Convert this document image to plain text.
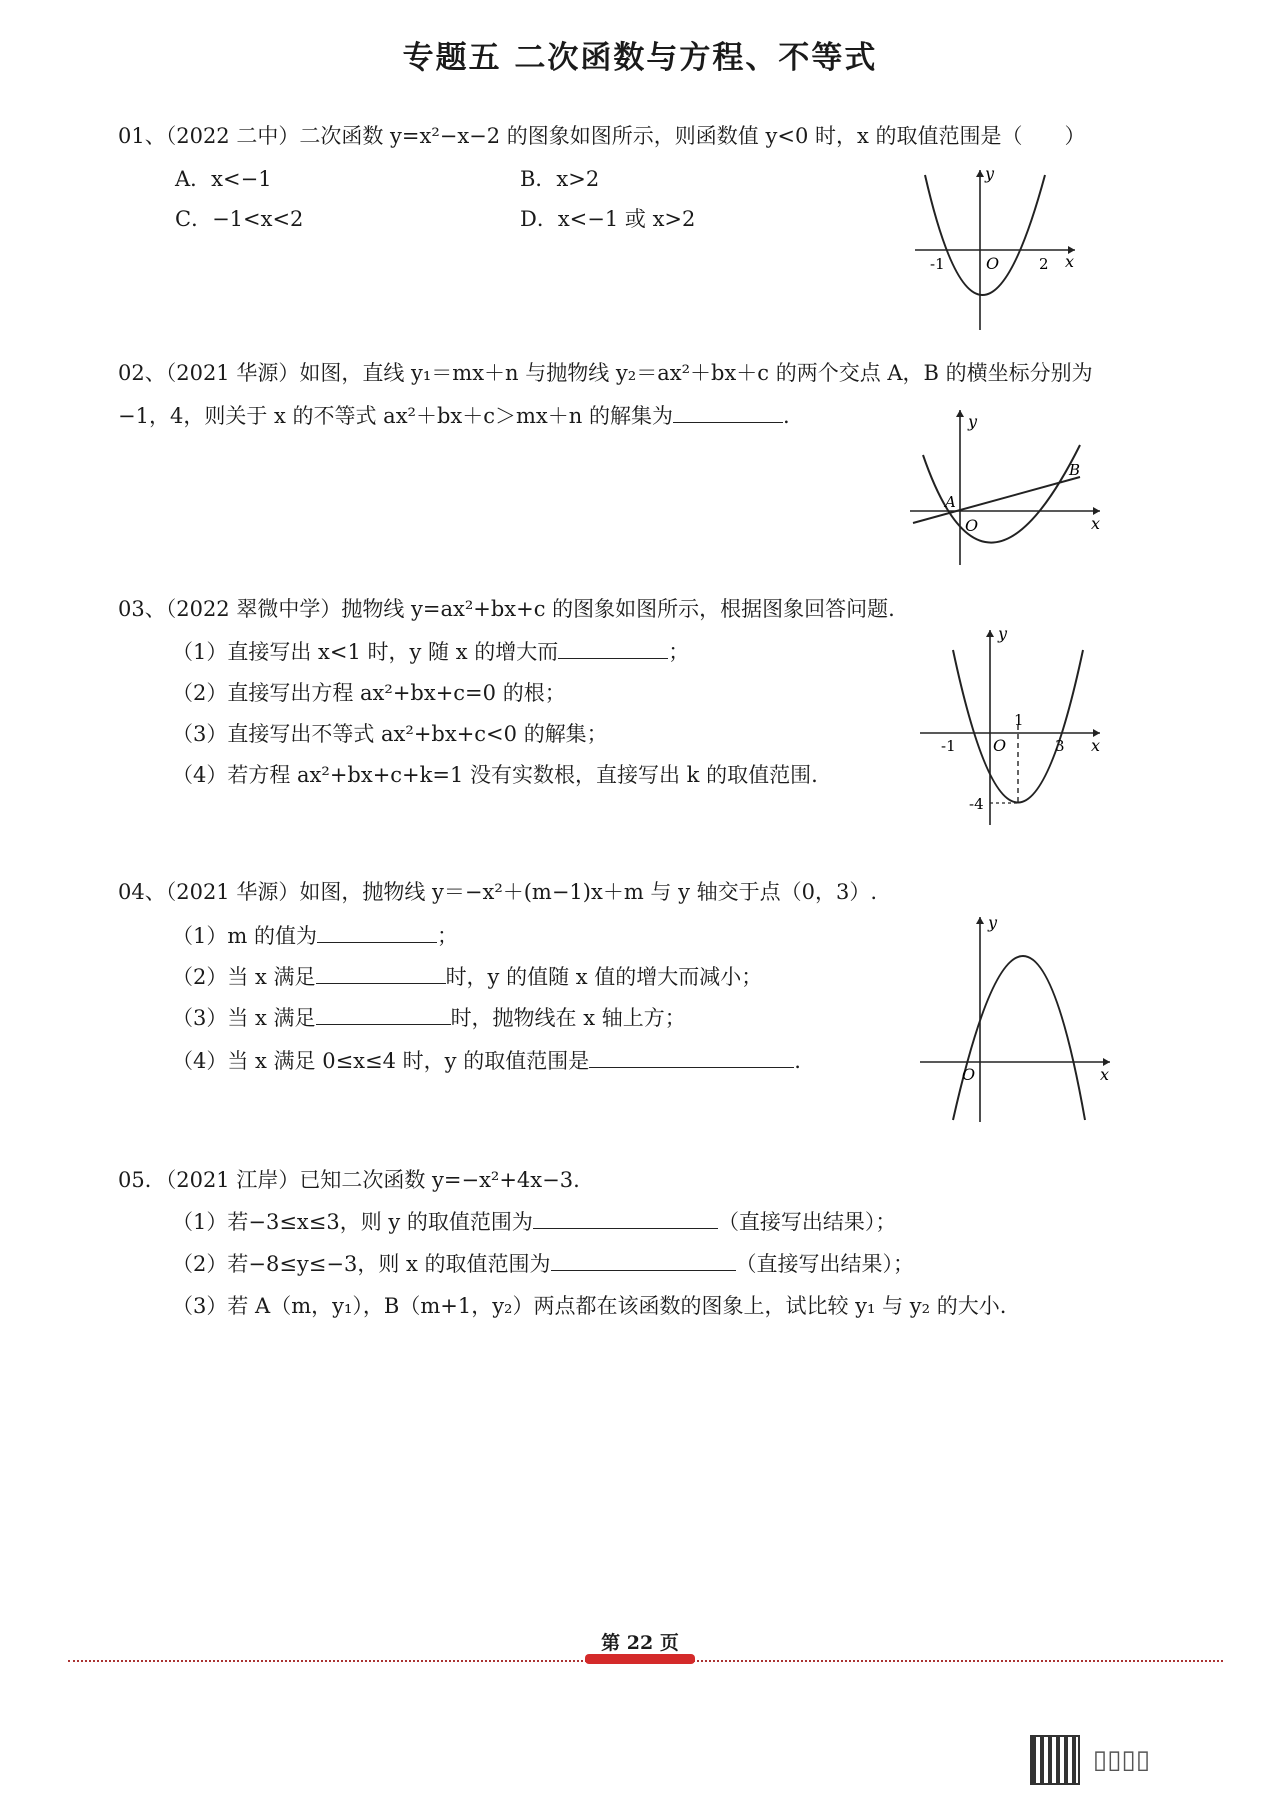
专题五 二次函数与方程、不等式
01、（2022 二中）二次函数 y=x²−x−2 的图象如图所示，则函数值 y<0 时，x 的取值范围是（　　）
A．x<−1	B．x>2
C．−1<x<2	D．x<−1 或 x>2
y
x
O
-1	2
02、（2021 华源）如图，直线 y₁＝mx＋n 与抛物线 y₂＝ax²＋bx＋c 的两个交点 A，B 的横坐标分别为
−1，4，则关于 x 的不等式 ax²＋bx＋c＞mx＋n 的解集为	.	y
x
O
A
B
03、（2022 翠微中学）抛物线 y=ax²+bx+c 的图象如图所示，根据图象回答问题.
（1）直接写出 x<1 时，y 随 x 的增大而	；
（2）直接写出方程 ax²+bx+c=0 的根；
（3）直接写出不等式 ax²+bx+c<0 的解集；
（4）若方程 ax²+bx+c+k=1 没有实数根，直接写出 k 的取值范围.
y
x
O
-1
1
3
-4
04、（2021 华源）如图，抛物线 y＝−x²＋(m−1)x＋m 与 y 轴交于点（0，3）.
（1）m 的值为	；
（2）当 x 满足	时，y 的值随 x 值的增大而减小；
（3）当 x 满足	时，抛物线在 x 轴上方；
（4）当 x 满足 0≤x≤4 时，y 的取值范围是	.
y
x
O
05．（2021 江岸）已知二次函数 y=−x²+4x−3.
（1）若−3≤x≤3，则 y 的取值范围为	（直接写出结果）；
（2）若−8≤y≤−3，则 x 的取值范围为	（直接写出结果）；
（3）若 A（m，y₁），B（m+1，y₂）两点都在该函数的图象上，试比较 y₁ 与 y₂ 的大小.
第 22 页
▯▯▯▯
